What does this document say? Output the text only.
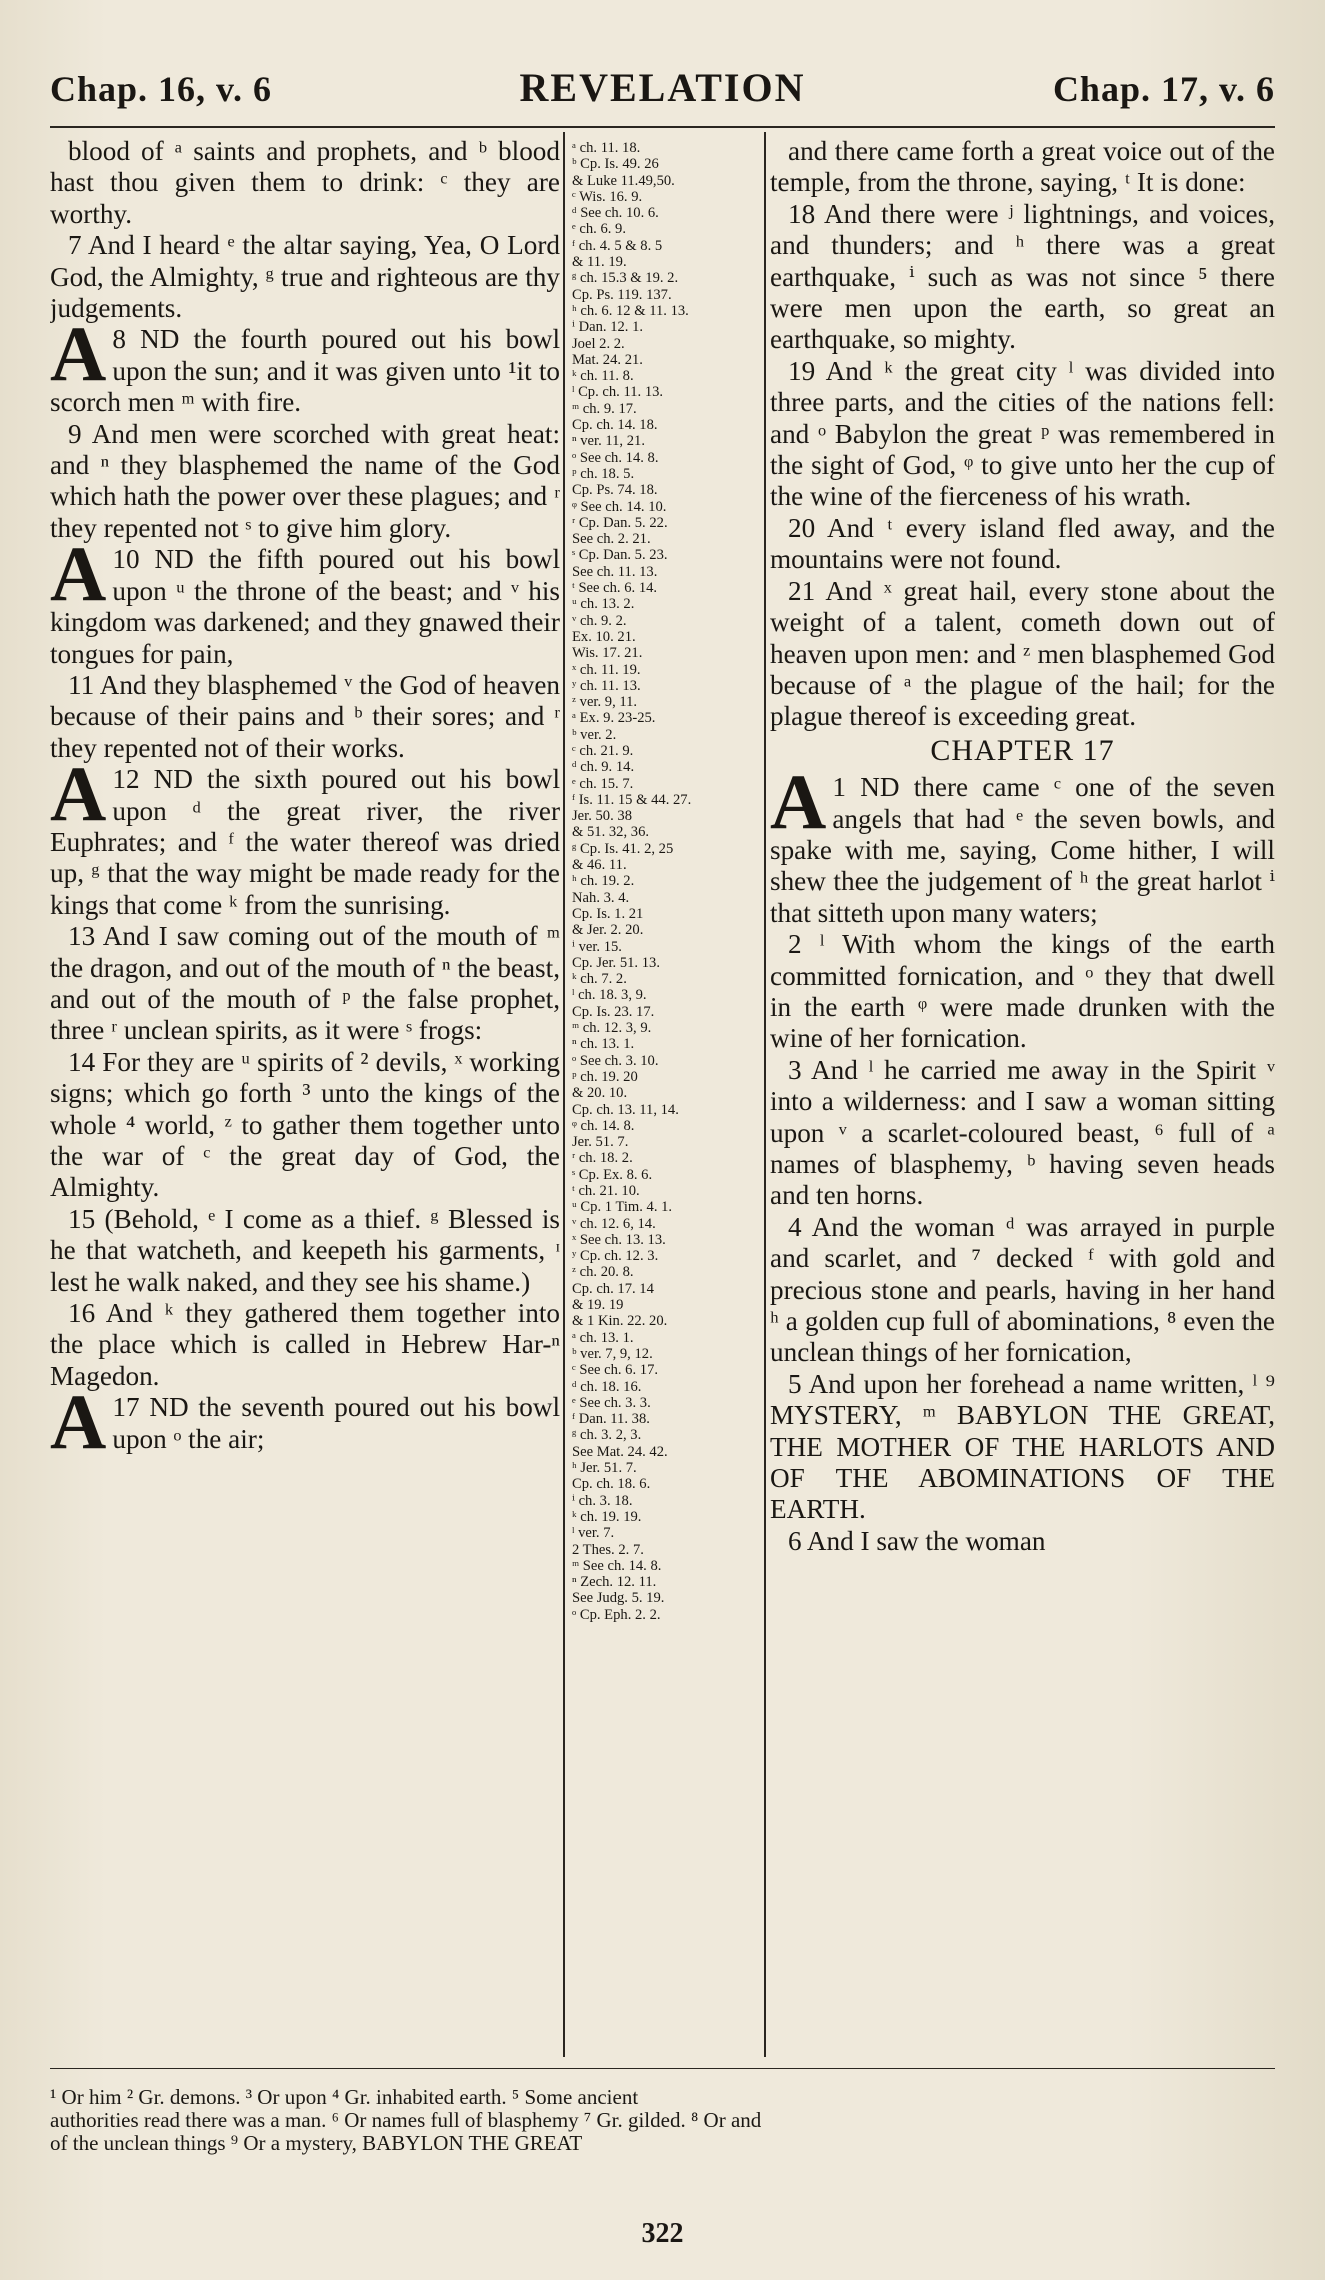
Chap. 16, v. 6	REVELATION	Chap. 17, v. 6

blood of ᵃ saints and prophets, and ᵇ blood hast thou given them to drink: ᶜ they are worthy.

7 And I heard ᵉ the altar saying, Yea, O Lord God, the Almighty, ᵍ true and righteous are thy judgements.

8
A ND the fourth poured out his bowl upon the sun; and it was given unto ¹it to scorch men ᵐ with fire.

9 And men were scorched with great heat: and ⁿ they blasphemed the name of the God which hath the power over these plagues; and ʳ they repented not ˢ to give him glory.

10
A ND the fifth poured out his bowl upon ᵘ the throne of the beast; and ᵛ his kingdom was darkened; and they gnawed their tongues for pain,

11 And they blasphemed ᵛ the God of heaven because of their pains and ᵇ their sores; and ʳ they repented not of their works.

12
A ND the sixth poured out his bowl upon ᵈ the great river, the river Euphrates; and ᶠ the water thereof was dried up, ᵍ that the way might be made ready for the kings that come ᵏ from the sunrising.

13 And I saw coming out of the mouth of ᵐ the dragon, and out of the mouth of ⁿ the beast, and out of the mouth of ᵖ the false prophet, three ʳ unclean spirits, as it were ˢ frogs:

14 For they are ᵘ spirits of ² devils, ˣ working signs; which go forth ³ unto the kings of the whole ⁴ world, ᶻ to gather them together unto the war of ᶜ the great day of God, the Almighty.

15 (Behold, ᵉ I come as a thief. ᵍ Blessed is he that watcheth, and keepeth his garments, ᶦ lest he walk naked, and they see his shame.)

16 And ᵏ they gathered them together into the place which is called in Hebrew Har-ⁿ Magedon.

17
A ND the seventh poured out his bowl upon ᵒ the air;

ᵃ ch. 11. 18.
ᵇ Cp. Is. 49. 26
& Luke 11.49,50.
ᶜ Wis. 16. 9.
ᵈ See ch. 10. 6.
ᵉ ch. 6. 9.
ᶠ ch. 4. 5 & 8. 5
& 11. 19.
ᵍ ch. 15.3 & 19. 2.
Cp. Ps. 119. 137.
ʰ ch. 6. 12 & 11. 13.
ⁱ Dan. 12. 1.
Joel 2. 2.
Mat. 24. 21.
ᵏ ch. 11. 8.
ˡ Cp. ch. 11. 13.
ᵐ ch. 9. 17.
Cp. ch. 14. 18.
ⁿ ver. 11, 21.
ᵒ See ch. 14. 8.
ᵖ ch. 18. 5.
Cp. Ps. 74. 18.
ᵠ See ch. 14. 10.
ʳ Cp. Dan. 5. 22.
See ch. 2. 21.
ˢ Cp. Dan. 5. 23.
See ch. 11. 13.
ᵗ See ch. 6. 14.
ᵘ ch. 13. 2.
ᵛ ch. 9. 2.
Ex. 10. 21.
Wis. 17. 21.
ˣ ch. 11. 19.
ʸ ch. 11. 13.
ᶻ ver. 9, 11.
ᵃ Ex. 9. 23-25.
ᵇ ver. 2.
ᶜ ch. 21. 9.
ᵈ ch. 9. 14.
ᵉ ch. 15. 7.
ᶠ Is. 11. 15 & 44. 27.
Jer. 50. 38
& 51. 32, 36.
ᵍ Cp. Is. 41. 2, 25
& 46. 11.
ʰ ch. 19. 2.
Nah. 3. 4.
Cp. Is. 1. 21
& Jer. 2. 20.
ⁱ ver. 15.
Cp. Jer. 51. 13.
ᵏ ch. 7. 2.
ˡ ch. 18. 3, 9.
Cp. Is. 23. 17.
ᵐ ch. 12. 3, 9.
ⁿ ch. 13. 1.
ᵒ See ch. 3. 10.
ᵖ ch. 19. 20
& 20. 10.
Cp. ch. 13. 11, 14.
ᵠ ch. 14. 8.
Jer. 51. 7.
ʳ ch. 18. 2.
ˢ Cp. Ex. 8. 6.
ᵗ ch. 21. 10.
ᵘ Cp. 1 Tim. 4. 1.
ᵛ ch. 12. 6, 14.
ˣ See ch. 13. 13.
ʸ Cp. ch. 12. 3.
ᶻ ch. 20. 8.
Cp. ch. 17. 14
& 19. 19
& 1 Kin. 22. 20.
ᵃ ch. 13. 1.
ᵇ ver. 7, 9, 12.
ᶜ See ch. 6. 17.
ᵈ ch. 18. 16.
ᵉ See ch. 3. 3.
ᶠ Dan. 11. 38.
ᵍ ch. 3. 2, 3.
See Mat. 24. 42.
ʰ Jer. 51. 7.
Cp. ch. 18. 6.
ⁱ ch. 3. 18.
ᵏ ch. 19. 19.
ˡ ver. 7.
2 Thes. 2. 7.
ᵐ See ch. 14. 8.
ⁿ Zech. 12. 11.
See Judg. 5. 19.
ᵒ Cp. Eph. 2. 2.

and there came forth a great voice out of the temple, from the throne, saying, ᵗ It is done:

18 And there were ʲ lightnings, and voices, and thunders; and ʰ there was a great earthquake, ⁱ such as was not since ⁵ there were men upon the earth, so great an earthquake, so mighty.

19 And ᵏ the great city ˡ was divided into three parts, and the cities of the nations fell: and ᵒ Babylon the great ᵖ was remembered in the sight of God, ᵠ to give unto her the cup of the wine of the fierceness of his wrath.

20 And ᵗ every island fled away, and the mountains were not found.

21 And ˣ great hail, every stone about the weight of a talent, cometh down out of heaven upon men: and ᶻ men blasphemed God because of ᵃ the plague of the hail; for the plague thereof is exceeding great.

CHAPTER 17

1
A ND there came ᶜ one of the seven angels that had ᵉ the seven bowls, and spake with me, saying, Come hither, I will shew thee the judgement of ʰ the great harlot ⁱ that sitteth upon many waters;

2 ˡ With whom the kings of the earth committed fornication, and ᵒ they that dwell in the earth ᵠ were made drunken with the wine of her fornication.

3 And ˡ he carried me away in the Spirit ᵛ into a wilderness: and I saw a woman sitting upon ᵛ a scarlet-coloured beast, ⁶ full of ᵃ names of blasphemy, ᵇ having seven heads and ten horns.

4 And the woman ᵈ was arrayed in purple and scarlet, and ⁷ decked ᶠ with gold and precious stone and pearls, having in her hand ʰ a golden cup full of abominations, ⁸ even the unclean things of her fornication,

5 And upon her forehead a name written, ˡ ⁹ MYSTERY, ᵐ BABYLON THE GREAT, THE MOTHER OF THE HARLOTS AND OF THE ABOMINATIONS OF THE EARTH.

6 And I saw the woman

¹ Or him ² Gr. demons. ³ Or upon ⁴ Gr. inhabited earth. ⁵ Some ancient
authorities read there was a man. ⁶ Or names full of blasphemy ⁷ Gr. gilded. ⁸ Or and
of the unclean things ⁹ Or a mystery, BABYLON THE GREAT
322
